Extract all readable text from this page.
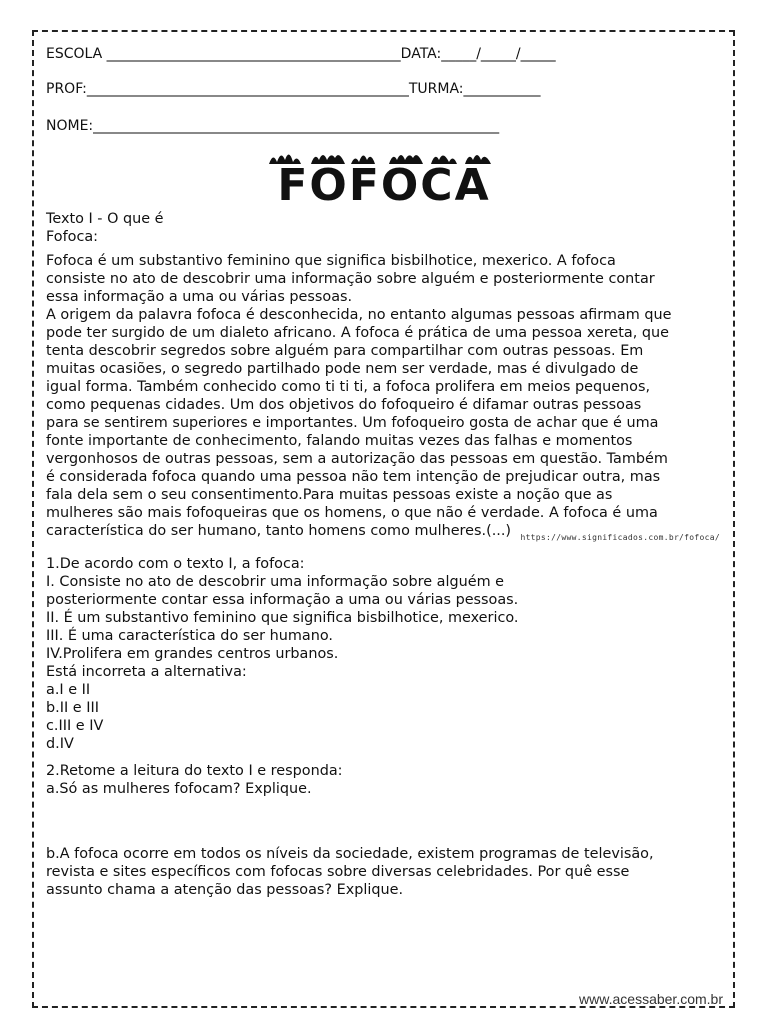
ESCOLA __________________________________________DATA:_____/_____/_____
PROF:______________________________________________TURMA:___________
NOME:__________________________________________________________
FOFOCA
Texto I - O que é
Fofoca:
Fofoca é um substantivo feminino que significa bisbilhotice, mexerico. A fofoca
consiste no ato de descobrir uma informação sobre alguém e posteriormente contar
essa informação a uma ou várias pessoas.
A origem da palavra fofoca é desconhecida, no entanto algumas pessoas afirmam que
pode ter surgido de um dialeto africano. A fofoca é prática de uma pessoa xereta, que
tenta descobrir segredos sobre alguém para compartilhar com outras pessoas. Em
muitas ocasiões, o segredo partilhado pode nem ser verdade, mas é divulgado de
igual forma. Também conhecido como ti ti ti, a fofoca prolifera em meios pequenos,
como pequenas cidades. Um dos objetivos do fofoqueiro é difamar outras pessoas
para se sentirem superiores e importantes. Um fofoqueiro gosta de achar que é uma
fonte importante de conhecimento, falando muitas vezes das falhas e momentos
vergonhosos de outras pessoas, sem a autorização das pessoas em questão. Também
é considerada fofoca quando uma pessoa não tem intenção de prejudicar outra, mas
fala dela sem o seu consentimento.Para muitas pessoas existe a noção que as
mulheres são mais fofoqueiras que os homens, o que não é verdade. A fofoca é uma
característica do ser humano, tanto homens como mulheres.(...)	https://www.significados.com.br/fofoca/
1.De acordo com o texto I, a fofoca:
I. Consiste no ato de descobrir uma informação sobre alguém e
posteriormente contar essa informação a uma ou várias pessoas.
II. É um substantivo feminino que significa bisbilhotice, mexerico.
III. É uma característica do ser humano.
IV.Prolifera em grandes centros urbanos.
Está incorreta a alternativa:
a.I e II
b.II e III
c.III e IV
d.IV
2.Retome a leitura do texto I e responda:
a.Só as mulheres fofocam? Explique.
b.A fofoca ocorre em todos os níveis da sociedade, existem programas de televisão,
revista e sites específicos com fofocas sobre diversas celebridades. Por quê esse
assunto chama a atenção das pessoas? Explique.
www.acessaber.com.br
